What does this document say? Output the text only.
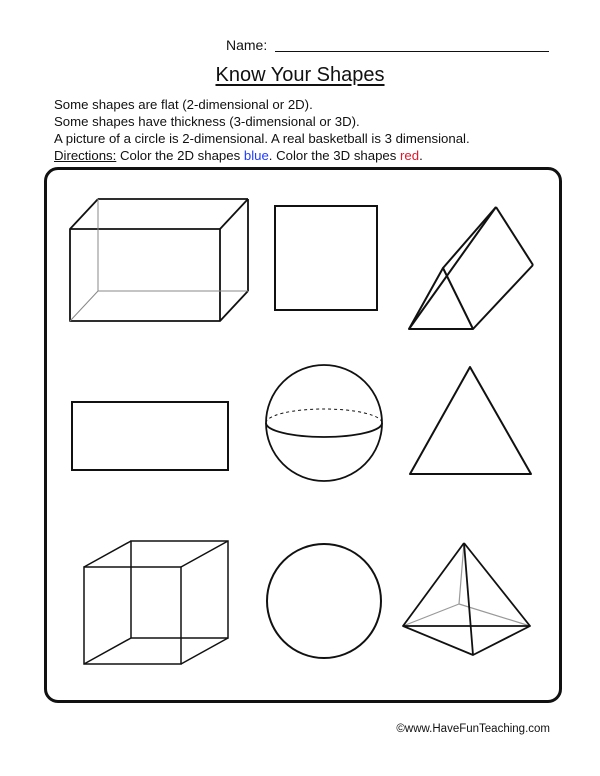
Name:
Know Your Shapes

Some shapes are flat (2-dimensional or 2D).

Some shapes have thickness (3-dimensional or 3D).

A picture of a circle is 2-dimensional. A real basketball is 3 dimensional.

Directions: Color the 2D shapes blue. Color the 3D shapes red.

©www.HaveFunTeaching.com
